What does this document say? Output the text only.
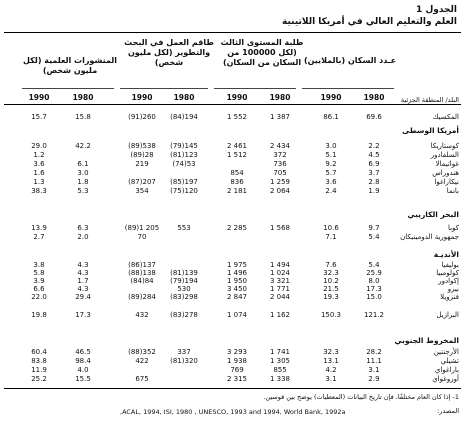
الجدول 1
العلم والتعليم العالي في أمريكا اللاتينية
عـدد السكان (بالملايين)
طلبة المستوى الثالث (لكل 100000 من السكان من السكان)
طاقم العمل في البحث والتطوير (لكل مليون شخص)
المنشورات العلمية (لكل مليون شخص)
1980
1990
1980
1990
1980
1990
1980
1990	البلد/ المنطقة الجزئية
أمريكا الوسطى
البحر الكاريبي
الأنديـة
المخروط الجنوبي
المكسيك
69.6
86.1
1 387
1 552
(84)194
(91)260
15.8
15.7
كوستاريكا
2.2
3.0
2 434
2 461
(79)145
(89)538
42.2
29.0
السلفادور
4.5
5.1
372
1 512
(81)123
(89)28
1.2
غواتيمالا
6.9
9.2
736
(74)53
219
6.1
3.6
هندوراس
3.7
5.7
705
854
3.0
1.6
نيكاراغوا
2.8
3.6
1 259
836
(85)197
(87)207
1.8
1.3
بانما
1.9
2.4
2 064
2 181
(75)120
354
5.3
38.3
كوبا
9.7
10.6
1 568
2 285
553
(89)1 205
6.3
13.9
جمهورية الدومينيكان
5.4
7.1
70
2.0
2.7
بوليفيا
5.4
7.6
1 494
1 975
(86)137
4.3
3.8
كولومبيا
25.9
32.3
1 024
1 496
(81)139
(88)138
4.3
5.8
إكوادور
8.0
10.2
3 321
1 950
(79)194
(84)84
1.7
3.9
بيرو
17.3
21.5
1 771
3 450
530
4.3
6.6
فنزويلا
15.0
19.3
2 044
2 847
(83)298
(89)284
29.4
22.0
البرازيل
121.2
150.3
1 162
1 074
(83)278
432
17.3
19.8
الأرجنتين
28.2
32.3
1 741
3 293
337
(88)352
46.5
60.4
تشيلي
11.1
13.1
1 305
1 938
(81)320
422
98.4
83.8
باراغواي
3.1
4.2
855
769
4.0
11.9
أوروغواي
2.9
3.1
1 338
2 315
675
15.5
25.2
1- إذا كان العام مختلفًا، فإن تاريخ البيانات (المعطيات) يوضح بين قوسين.
المصدر:
,ACAL, 1994, ISI, 1980 , UNESCO, 1993 and 1994, World Bank, 1992a
